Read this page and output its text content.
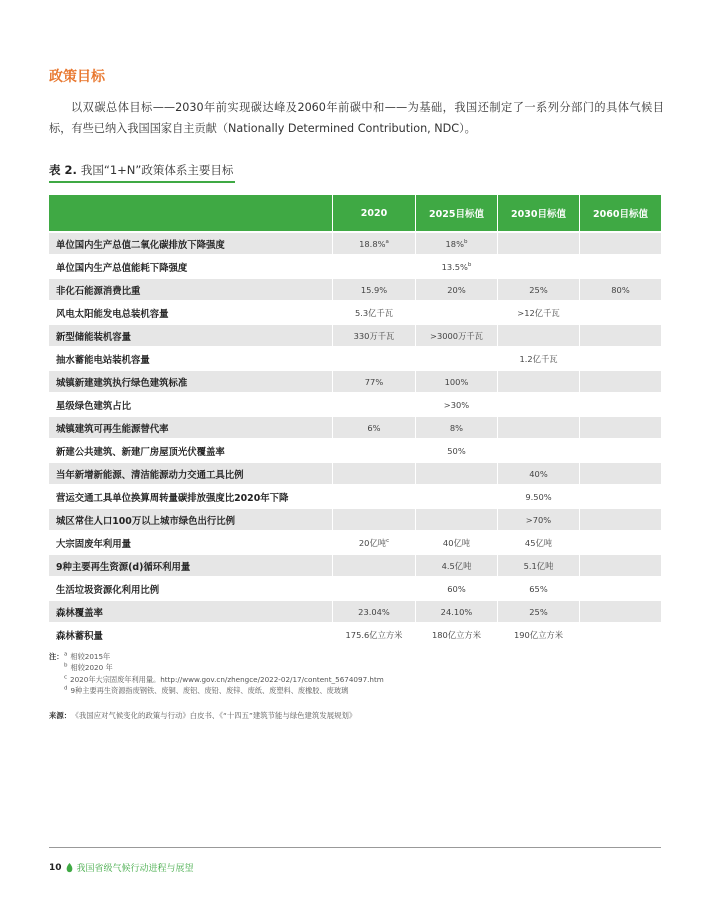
政策目标

以双碳总体目标——2030年前实现碳达峰及2060年前碳中和——为基础，我国还制定了一系列分部门的具体气候目标，有些已纳入我国国家自主贡献（Nationally Determined Contribution, NDC）。

表 2. 我国“1+N”政策体系主要目标
	2020	2025目标值	2030目标值	2060目标值
单位国内生产总值二氧化碳排放下降强度	18.8%$^a$	18%$^b$		
单位国内生产总值能耗下降强度		13.5%$^b$		
非化石能源消费比重	15.9%	20%	25%	80%
风电太阳能发电总装机容量	5.3亿千瓦		>12亿千瓦	
新型储能装机容量	330万千瓦	>3000万千瓦		
抽水蓄能电站装机容量			1.2亿千瓦	
城镇新建建筑执行绿色建筑标准	77%	100%		
星级绿色建筑占比		>30%		
城镇建筑可再生能源替代率	6%	8%		
新建公共建筑、新建厂房屋顶光伏覆盖率		50%		
当年新增新能源、清洁能源动力交通工具比例			40%	
营运交通工具单位换算周转量碳排放强度比2020年下降			9.50%	
城区常住人口100万以上城市绿色出行比例			>70%	
大宗固废年利用量	20亿吨$^c$	40亿吨	45亿吨	
9种主要再生资源(d)循环利用量		4.5亿吨	5.1亿吨	
生活垃圾资源化利用比例		60%	65%	
森林覆盖率	23.04%	24.10%	25%	
森林蓄积量	175.6亿立方米	180亿立方米	190亿立方米	
注： $^a$ 相较2015年
$^b$ 相较2020 年
$^c$ 2020年大宗固废年利用量。http://www.gov.cn/zhengce/2022-02/17/content_5674097.htm
$^d$ 9种主要再生资源指废钢铁、废铜、废铝、废铅、废锌、废纸、废塑料、废橡胶、废玻璃
来源： 《我国应对气候变化的政策与行动》白皮书、《“十四五”建筑节能与绿色建筑发展规划》
10 我国省级气候行动进程与展望
